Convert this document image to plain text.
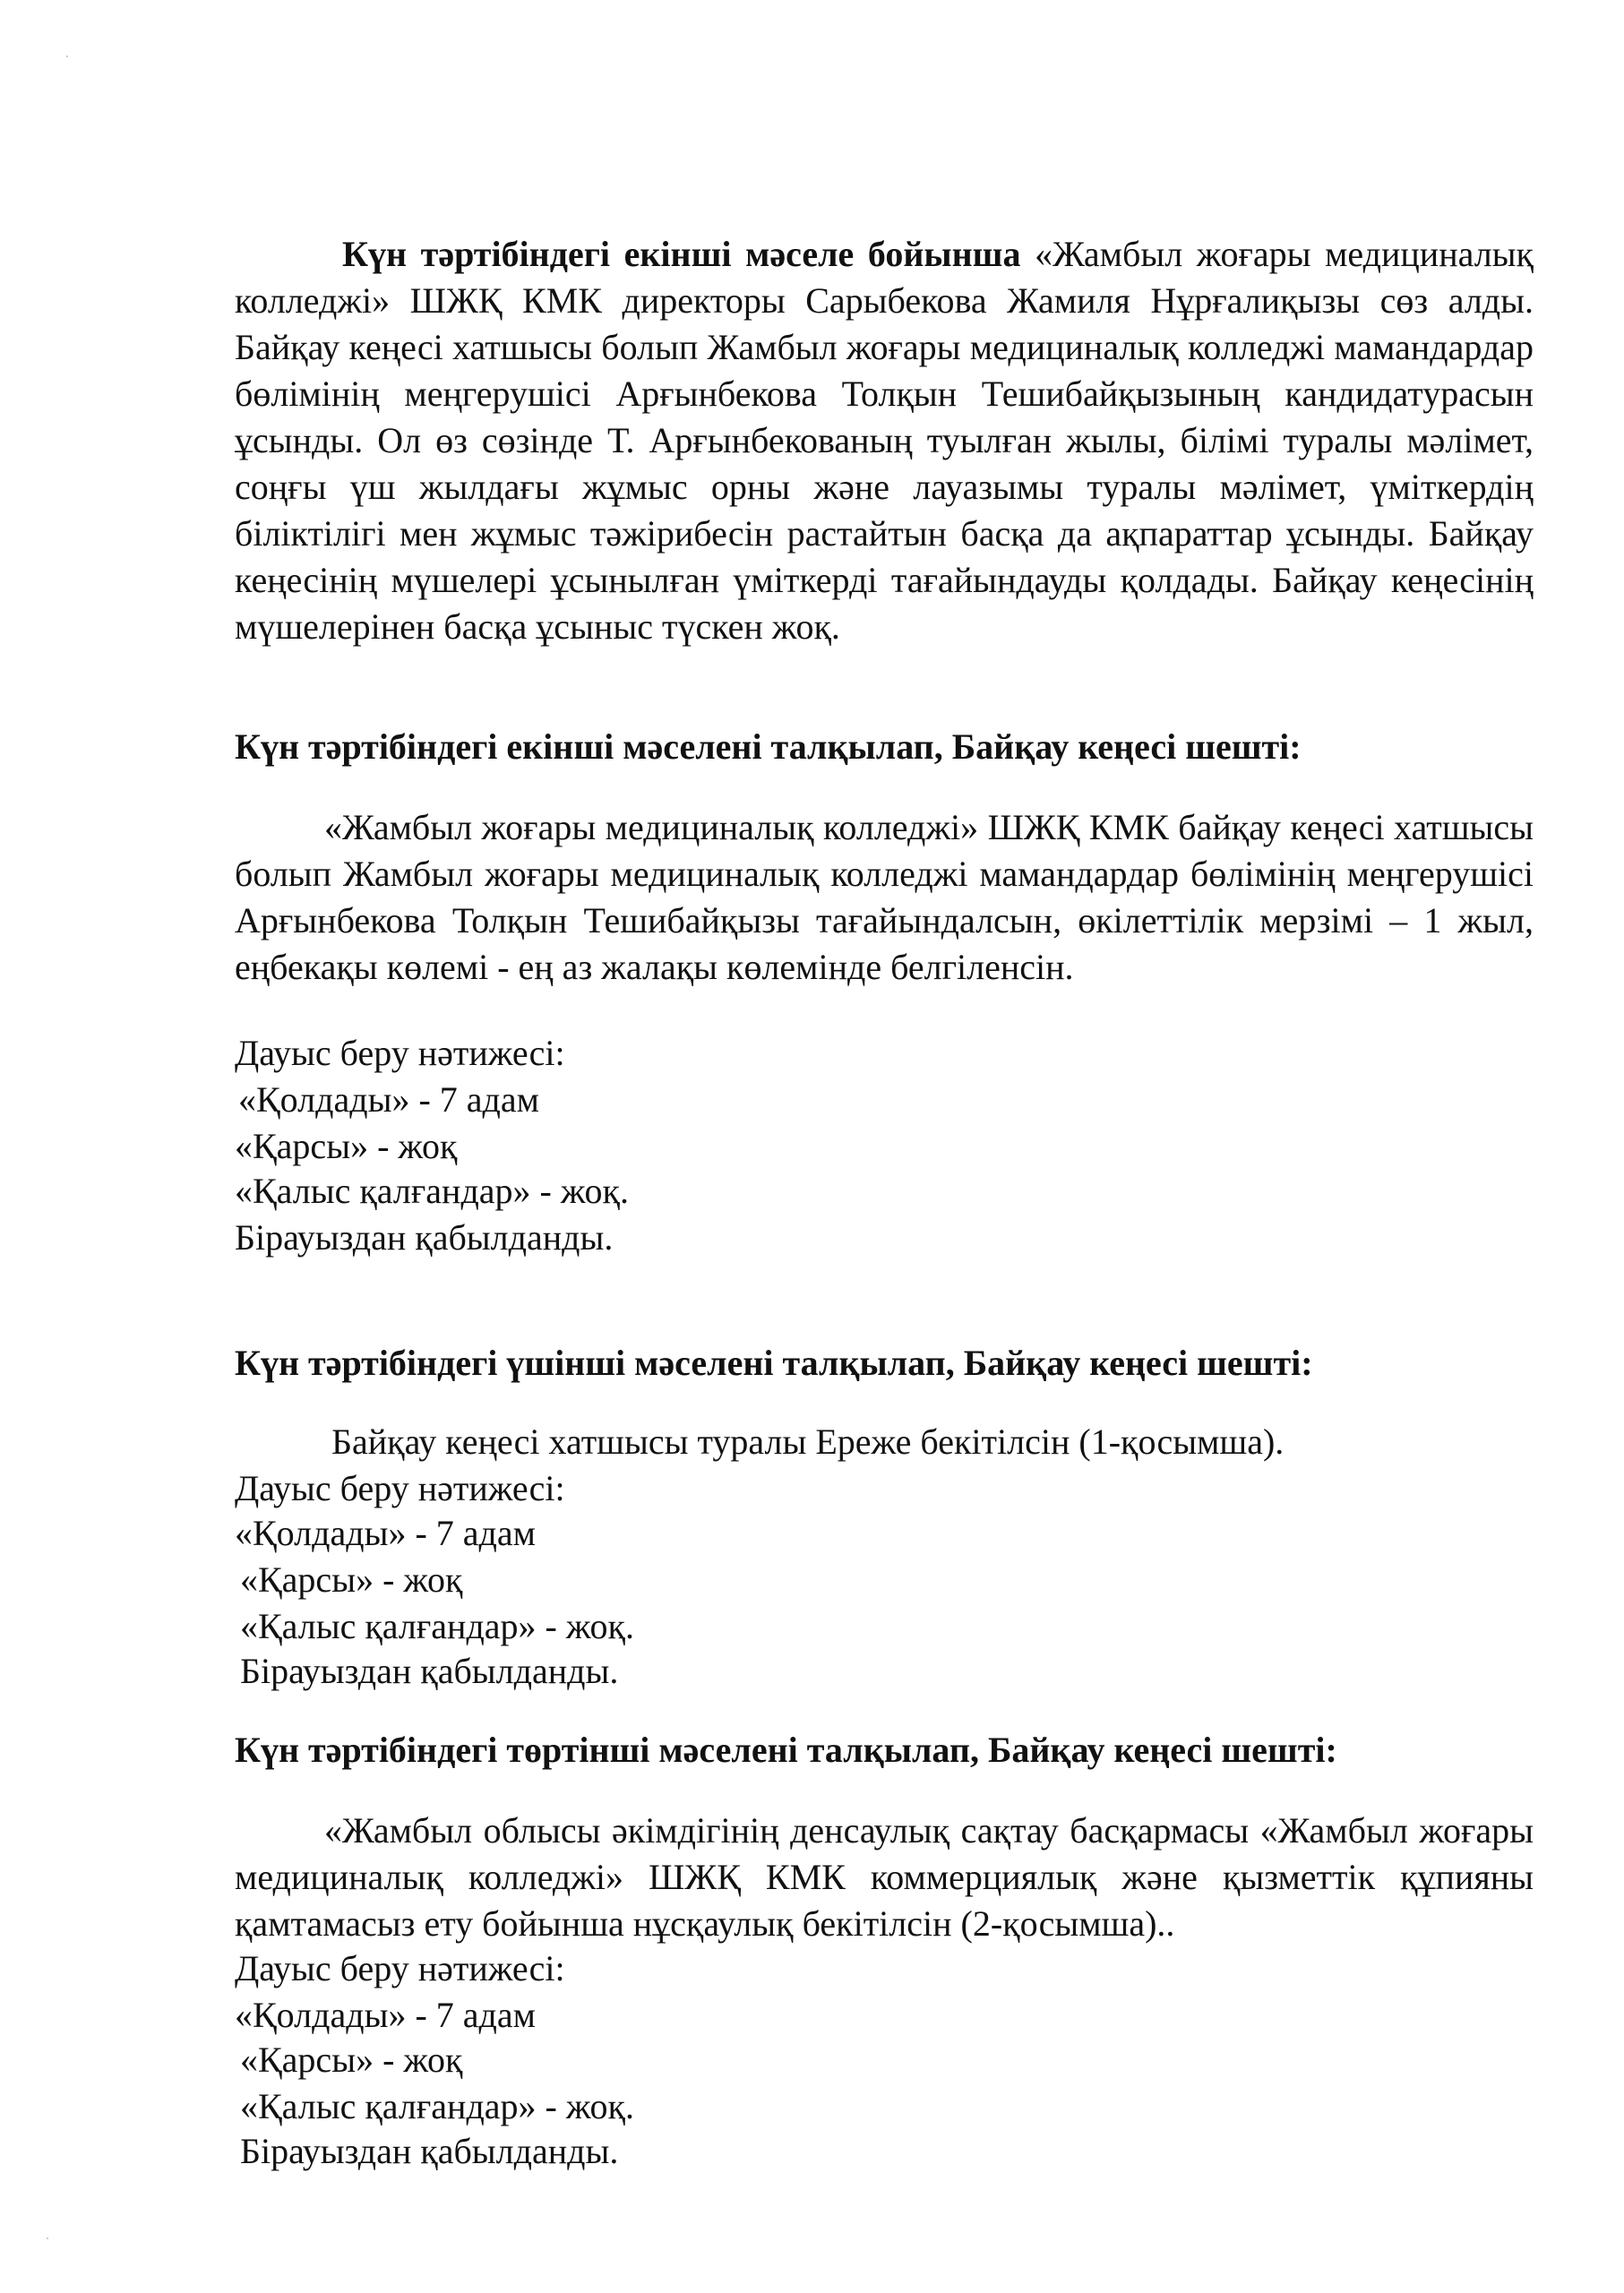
Күн тәртібіндегі екінші мәселе бойынша «Жамбыл жоғары медициналық колледжі» ШЖҚ КМК директоры Сарыбекова Жамиля Нұрғалиқызы сөз алды. Байқау кеңесі хатшысы болып Жамбыл жоғары медициналық колледжі мамандардар бөлімінің меңгерушісі Арғынбекова Толқын Тешибайқызының кандидатурасын ұсынды. Ол өз сөзінде Т. Арғынбекованың туылған жылы, білімі туралы мәлімет, соңғы үш жылдағы жұмыс орны және лауазымы туралы мәлімет, үміткердің біліктілігі мен жұмыс тәжірибесін растайтын басқа да ақпараттар ұсынды. Байқау кеңесінің мүшелері ұсынылған үміткерді тағайындауды қолдады. Байқау кеңесінің мүшелерінен басқа ұсыныс түскен жоқ.

Күн тәртібіндегі екінші мәселені талқылап, Байқау кеңесі шешті:

«Жамбыл жоғары медициналық колледжі» ШЖҚ КМК байқау кеңесі хатшысы болып Жамбыл жоғары медициналық колледжі мамандардар бөлімінің меңгерушісі Арғынбекова Толқын Тешибайқызы тағайындалсын, өкілеттілік мерзімі – 1 жыл, еңбекақы көлемі - ең аз жалақы көлемінде белгіленсін.

Дауыс беру нәтижесі:

«Қолдады» - 7 адам

«Қарсы» - жоқ

«Қалыс қалғандар» - жоқ.

Бірауыздан қабылданды.

Күн тәртібіндегі үшінші мәселені талқылап, Байқау кеңесі шешті:

Байқау кеңесі хатшысы туралы Ереже бекітілсін (1-қосымша).

Дауыс беру нәтижесі:

«Қолдады» - 7 адам

«Қарсы» - жоқ

«Қалыс қалғандар» - жоқ.

Бірауыздан қабылданды.

Күн тәртібіндегі төртінші мәселені талқылап, Байқау кеңесі шешті:

«Жамбыл облысы әкімдігінің денсаулық сақтау басқармасы «Жамбыл жоғары медициналық колледжі» ШЖҚ КМК коммерциялық және қызметтік құпияны қамтамасыз ету бойынша нұсқаулық бекітілсін (2-қосымша)..

Дауыс беру нәтижесі:

«Қолдады» - 7 адам

«Қарсы» - жоқ

«Қалыс қалғандар» - жоқ.

Бірауыздан қабылданды.
